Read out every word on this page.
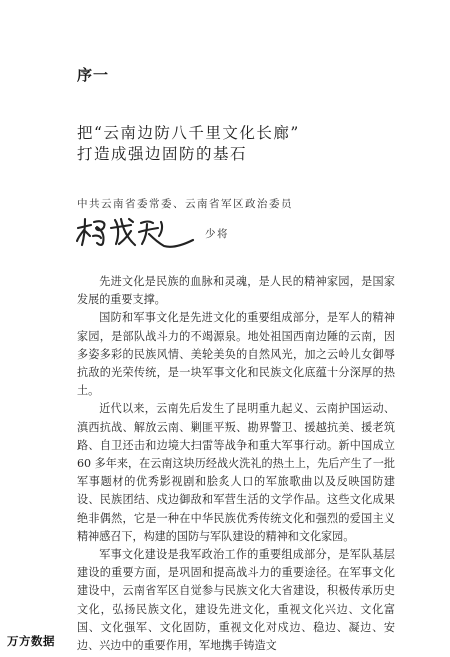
序一
把“云南边防八千里文化长廊”
打造成强边固防的基石
中共云南省委常委、云南省军区政治委员
少将

先进文化是民族的血脉和灵魂，是人民的精神家园，是国家发展的重要支撑。

国防和军事文化是先进文化的重要组成部分，是军人的精神家园，是部队战斗力的不竭源泉。地处祖国西南边陲的云南，因多姿多彩的民族风情、美轮美奂的自然风光，加之云岭儿女御辱抗敌的光荣传统，是一块军事文化和民族文化底蕴十分深厚的热土。

近代以来，云南先后发生了昆明重九起义、云南护国运动、滇西抗战、解放云南、剿匪平叛、勘界警卫、援越抗美、援老筑路、自卫还击和边境大扫雷等战争和重大军事行动。新中国成立 60 多年来，在云南这块历经战火洗礼的热土上，先后产生了一批军事题材的优秀影视剧和脍炙人口的军旅歌曲以及反映国防建设、民族团结、戍边御敌和军营生活的文学作品。这些文化成果绝非偶然，它是一种在中华民族优秀传统文化和强烈的爱国主义精神感召下，构建的国防与军队建设的精神和文化家园。

军事文化建设是我军政治工作的重要组成部分，是军队基层建设的重要方面，是巩固和提高战斗力的重要途径。在军事文化建设中，云南省军区自觉参与民族文化大省建设，积极传承历史文化，弘扬民族文化，建设先进文化，重视文化兴边、文化富国、文化强军、文化固防，重视文化对戍边、稳边、凝边、安边、兴边中的重要作用，军地携手铸造文

万方数据
